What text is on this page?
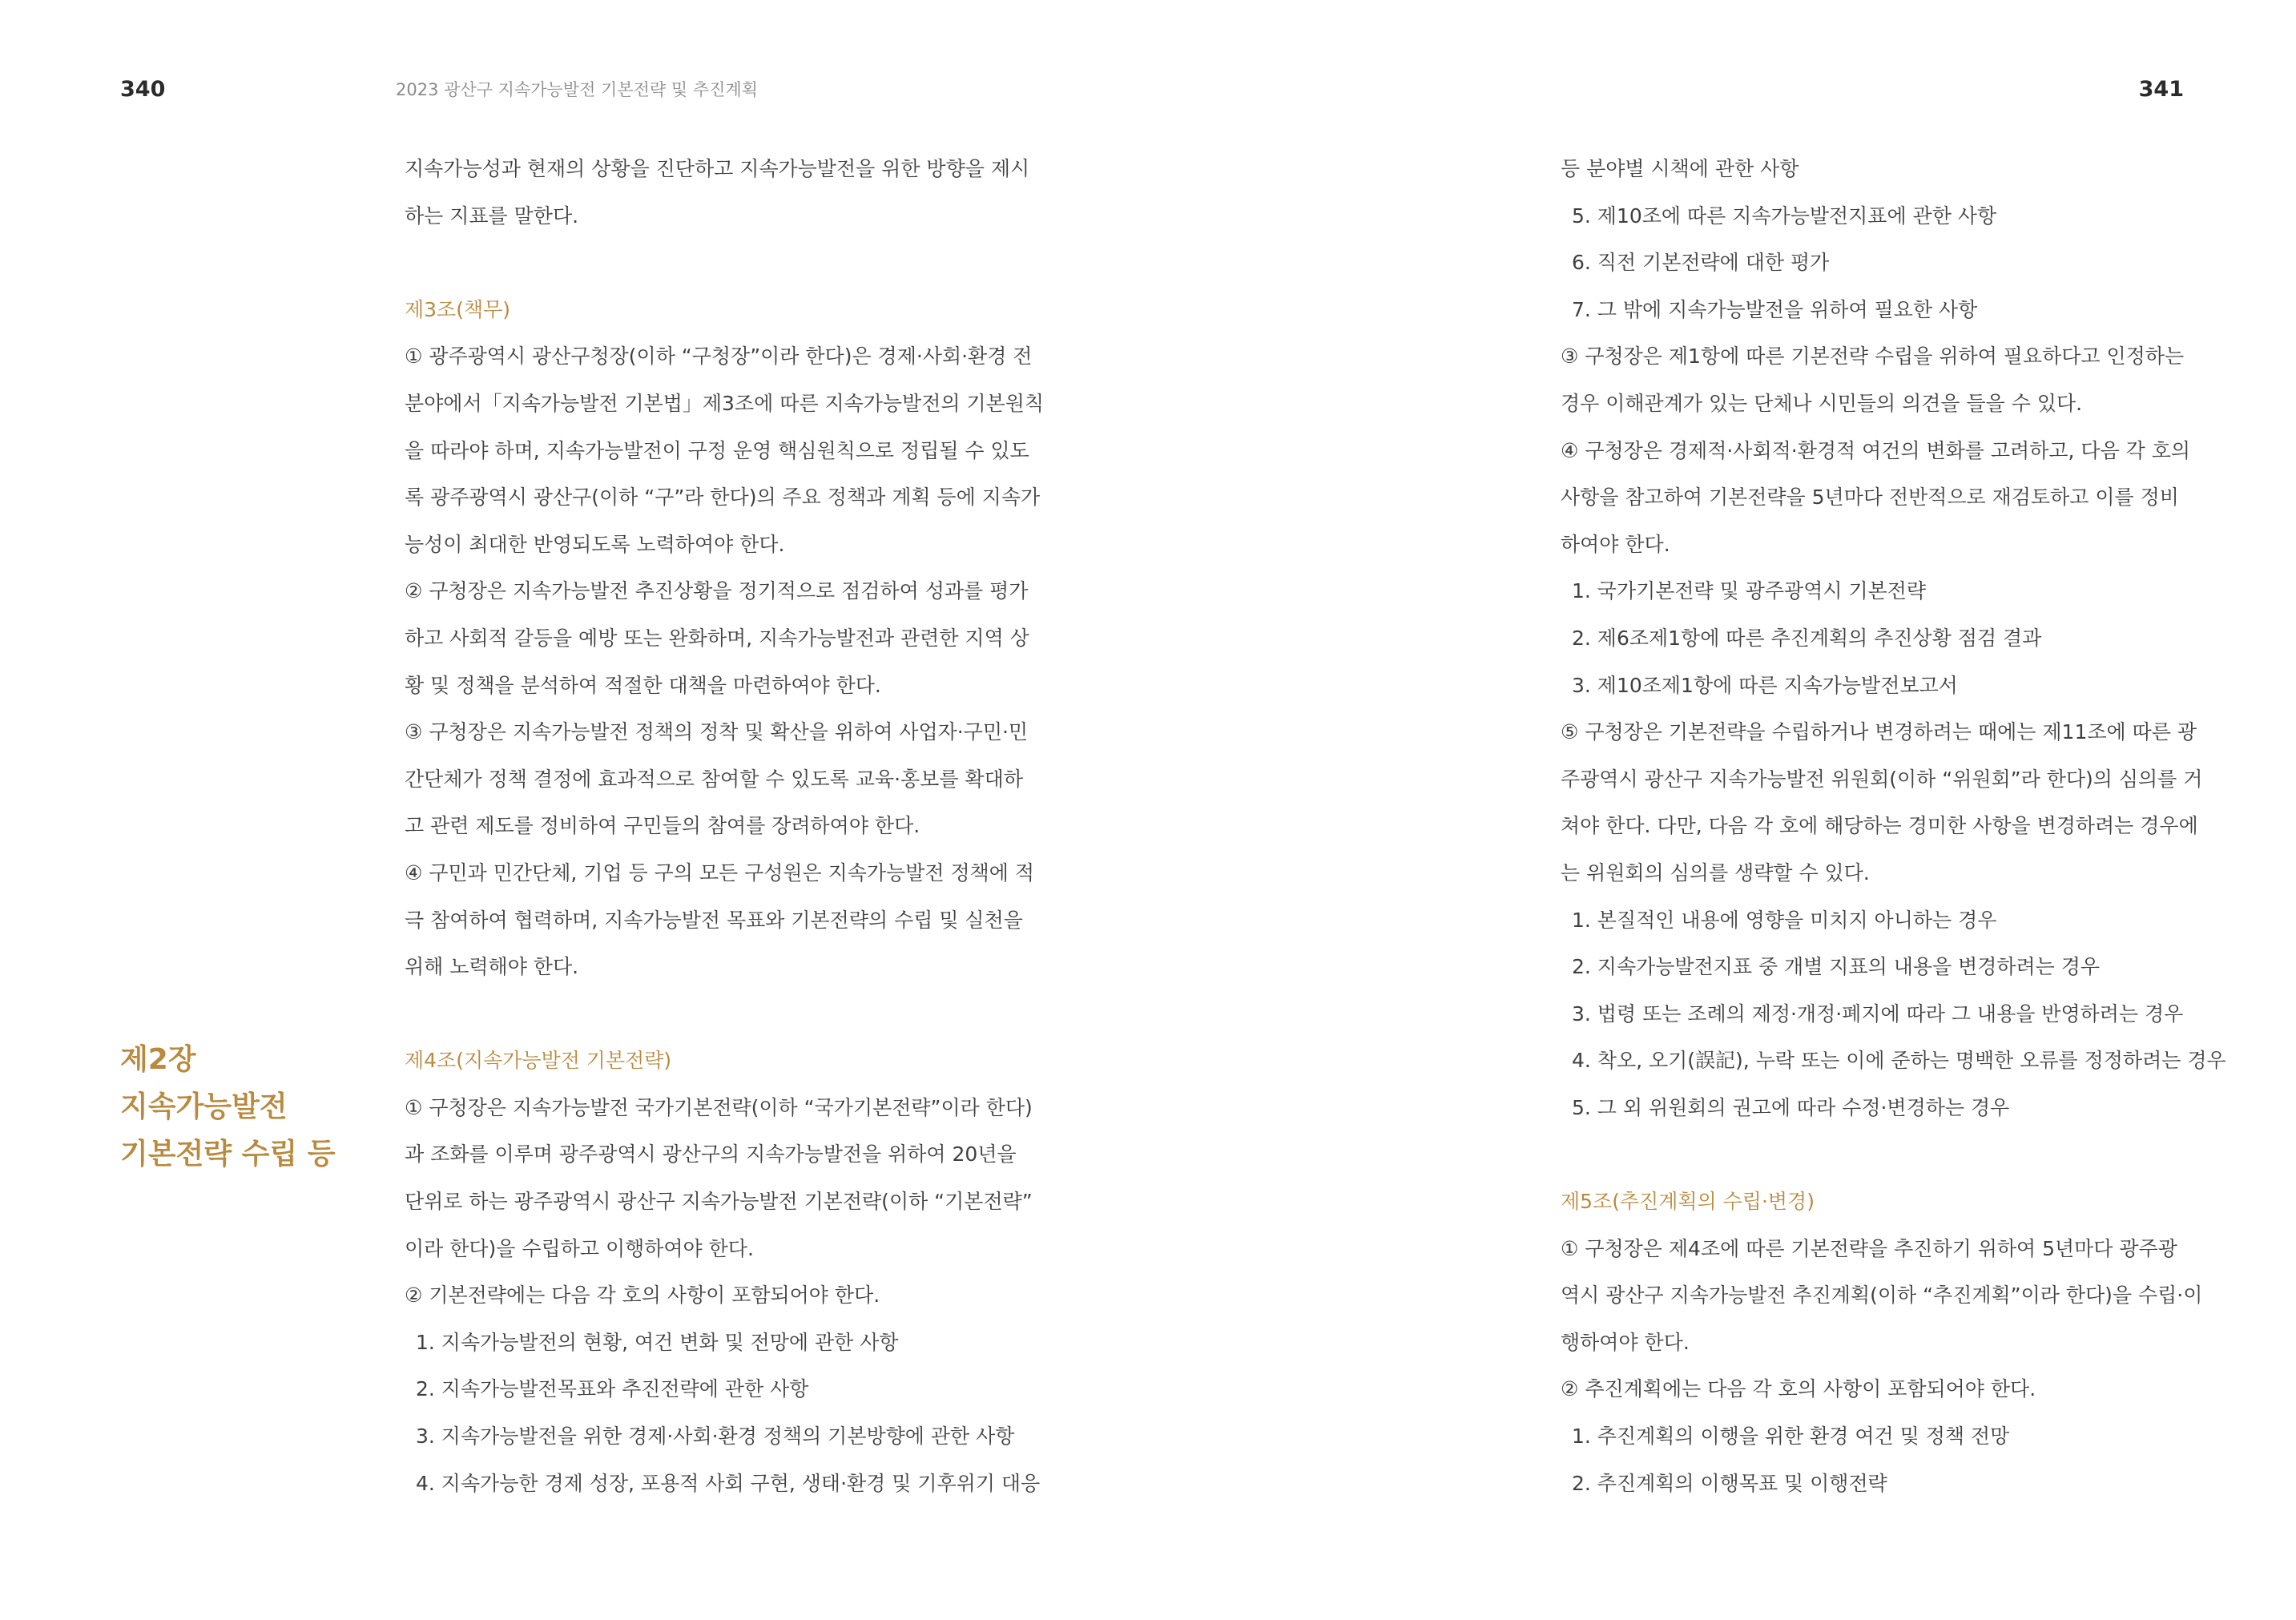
340	2023 광산구 지속가능발전 기본전략 및 추진계획	341
제2장
지속가능발전
기본전략 수립 등
지속가능성과 현재의 상황을 진단하고 지속가능발전을 위한 방향을 제시
하는 지표를 말한다.
제3조(책무)
① 광주광역시 광산구청장(이하 “구청장”이라 한다)은 경제·사회·환경 전
분야에서「지속가능발전 기본법」제3조에 따른 지속가능발전의 기본원칙
을 따라야 하며, 지속가능발전이 구정 운영 핵심원칙으로 정립될 수 있도
록 광주광역시 광산구(이하 “구”라 한다)의 주요 정책과 계획 등에 지속가
능성이 최대한 반영되도록 노력하여야 한다.
② 구청장은 지속가능발전 추진상황을 정기적으로 점검하여 성과를 평가
하고 사회적 갈등을 예방 또는 완화하며, 지속가능발전과 관련한 지역 상
황 및 정책을 분석하여 적절한 대책을 마련하여야 한다.
③ 구청장은 지속가능발전 정책의 정착 및 확산을 위하여 사업자·구민·민
간단체가 정책 결정에 효과적으로 참여할 수 있도록 교육·홍보를 확대하
고 관련 제도를 정비하여 구민들의 참여를 장려하여야 한다.
④ 구민과 민간단체, 기업 등 구의 모든 구성원은 지속가능발전 정책에 적
극 참여하여 협력하며, 지속가능발전 목표와 기본전략의 수립 및 실천을
위해 노력해야 한다.
제4조(지속가능발전 기본전략)
① 구청장은 지속가능발전 국가기본전략(이하 “국가기본전략”이라 한다)
과 조화를 이루며 광주광역시 광산구의 지속가능발전을 위하여 20년을
단위로 하는 광주광역시 광산구 지속가능발전 기본전략(이하 “기본전략”
이라 한다)을 수립하고 이행하여야 한다.
② 기본전략에는 다음 각 호의 사항이 포함되어야 한다.
1. 지속가능발전의 현황, 여건 변화 및 전망에 관한 사항
2. 지속가능발전목표와 추진전략에 관한 사항
3. 지속가능발전을 위한 경제·사회·환경 정책의 기본방향에 관한 사항
4. 지속가능한 경제 성장, 포용적 사회 구현, 생태·환경 및 기후위기 대응
등 분야별 시책에 관한 사항
5. 제10조에 따른 지속가능발전지표에 관한 사항
6. 직전 기본전략에 대한 평가
7. 그 밖에 지속가능발전을 위하여 필요한 사항
③ 구청장은 제1항에 따른 기본전략 수립을 위하여 필요하다고 인정하는
경우 이해관계가 있는 단체나 시민들의 의견을 들을 수 있다.
④ 구청장은 경제적·사회적·환경적 여건의 변화를 고려하고, 다음 각 호의
사항을 참고하여 기본전략을 5년마다 전반적으로 재검토하고 이를 정비
하여야 한다.
1. 국가기본전략 및 광주광역시 기본전략
2. 제6조제1항에 따른 추진계획의 추진상황 점검 결과
3. 제10조제1항에 따른 지속가능발전보고서
⑤ 구청장은 기본전략을 수립하거나 변경하려는 때에는 제11조에 따른 광
주광역시 광산구 지속가능발전 위원회(이하 “위원회”라 한다)의 심의를 거
쳐야 한다. 다만, 다음 각 호에 해당하는 경미한 사항을 변경하려는 경우에
는 위원회의 심의를 생략할 수 있다.
1. 본질적인 내용에 영향을 미치지 아니하는 경우
2. 지속가능발전지표 중 개별 지표의 내용을 변경하려는 경우
3. 법령 또는 조례의 제정·개정·폐지에 따라 그 내용을 반영하려는 경우
4. 착오, 오기(誤記), 누락 또는 이에 준하는 명백한 오류를 정정하려는 경우
5. 그 외 위원회의 권고에 따라 수정·변경하는 경우
제5조(추진계획의 수립·변경)
① 구청장은 제4조에 따른 기본전략을 추진하기 위하여 5년마다 광주광
역시 광산구 지속가능발전 추진계획(이하 “추진계획”이라 한다)을 수립·이
행하여야 한다.
② 추진계획에는 다음 각 호의 사항이 포함되어야 한다.
1. 추진계획의 이행을 위한 환경 여건 및 정책 전망
2. 추진계획의 이행목표 및 이행전략
